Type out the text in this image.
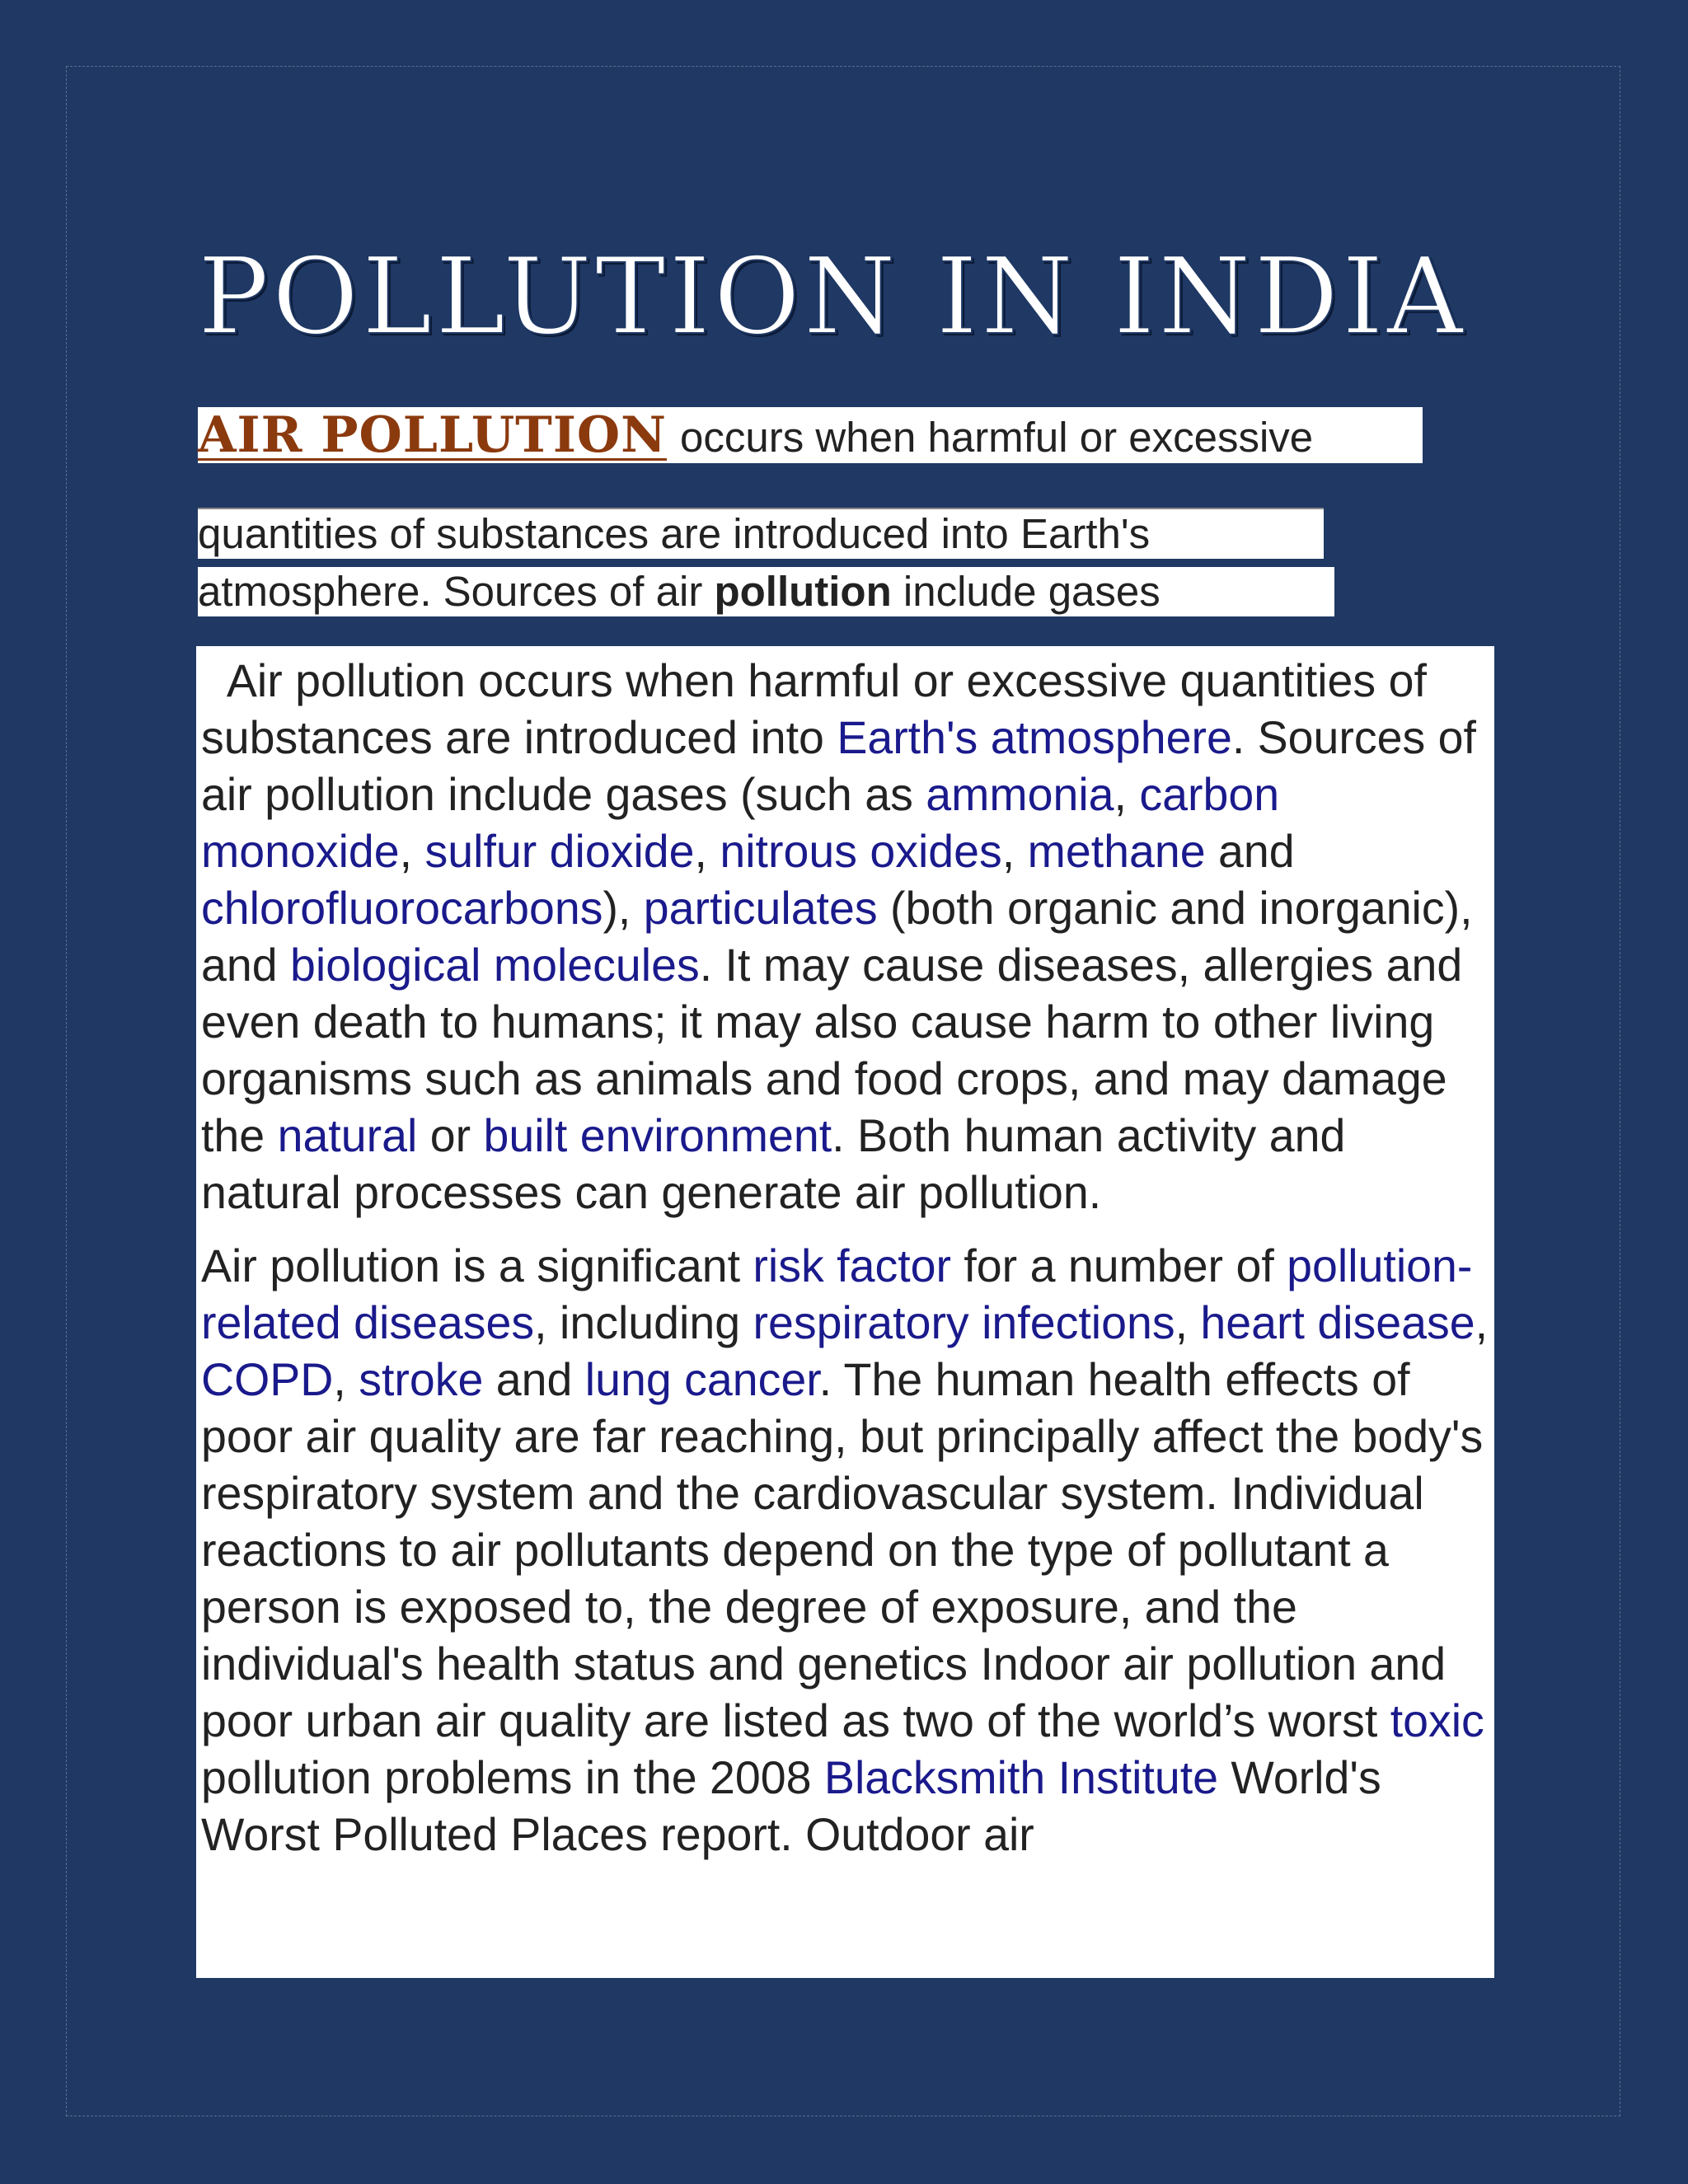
POLLUTION IN INDIA
AIR POLLUTION occurs when harmful or excessive
quantities of substances are introduced into Earth's
atmosphere. Sources of air pollution include gases

Air pollution occurs when harmful or excessive quantities of substances are introduced into Earth's atmosphere. Sources of air pollution include gases (such as ammonia, carbon monoxide, sulfur dioxide, nitrous oxides, methane and chlorofluorocarbons), particulates (both organic and inorganic), and biological molecules. It may cause diseases, allergies and even death to humans; it may also cause harm to other living organisms such as animals and food crops, and may damage the natural or built environment. Both human activity and natural processes can generate air pollution.

Air pollution is a significant risk factor for a number of pollution-related diseases, including respiratory infections, heart disease, COPD, stroke and lung cancer. The human health effects of poor air quality are far reaching, but principally affect the body's respiratory system and the cardiovascular system. Individual reactions to air pollutants depend on the type of pollutant a person is exposed to, the degree of exposure, and the individual's health status and genetics Indoor air pollution and poor urban air quality are listed as two of the world’s worst toxic pollution problems in the 2008 Blacksmith Institute World's Worst Polluted Places report. Outdoor air
